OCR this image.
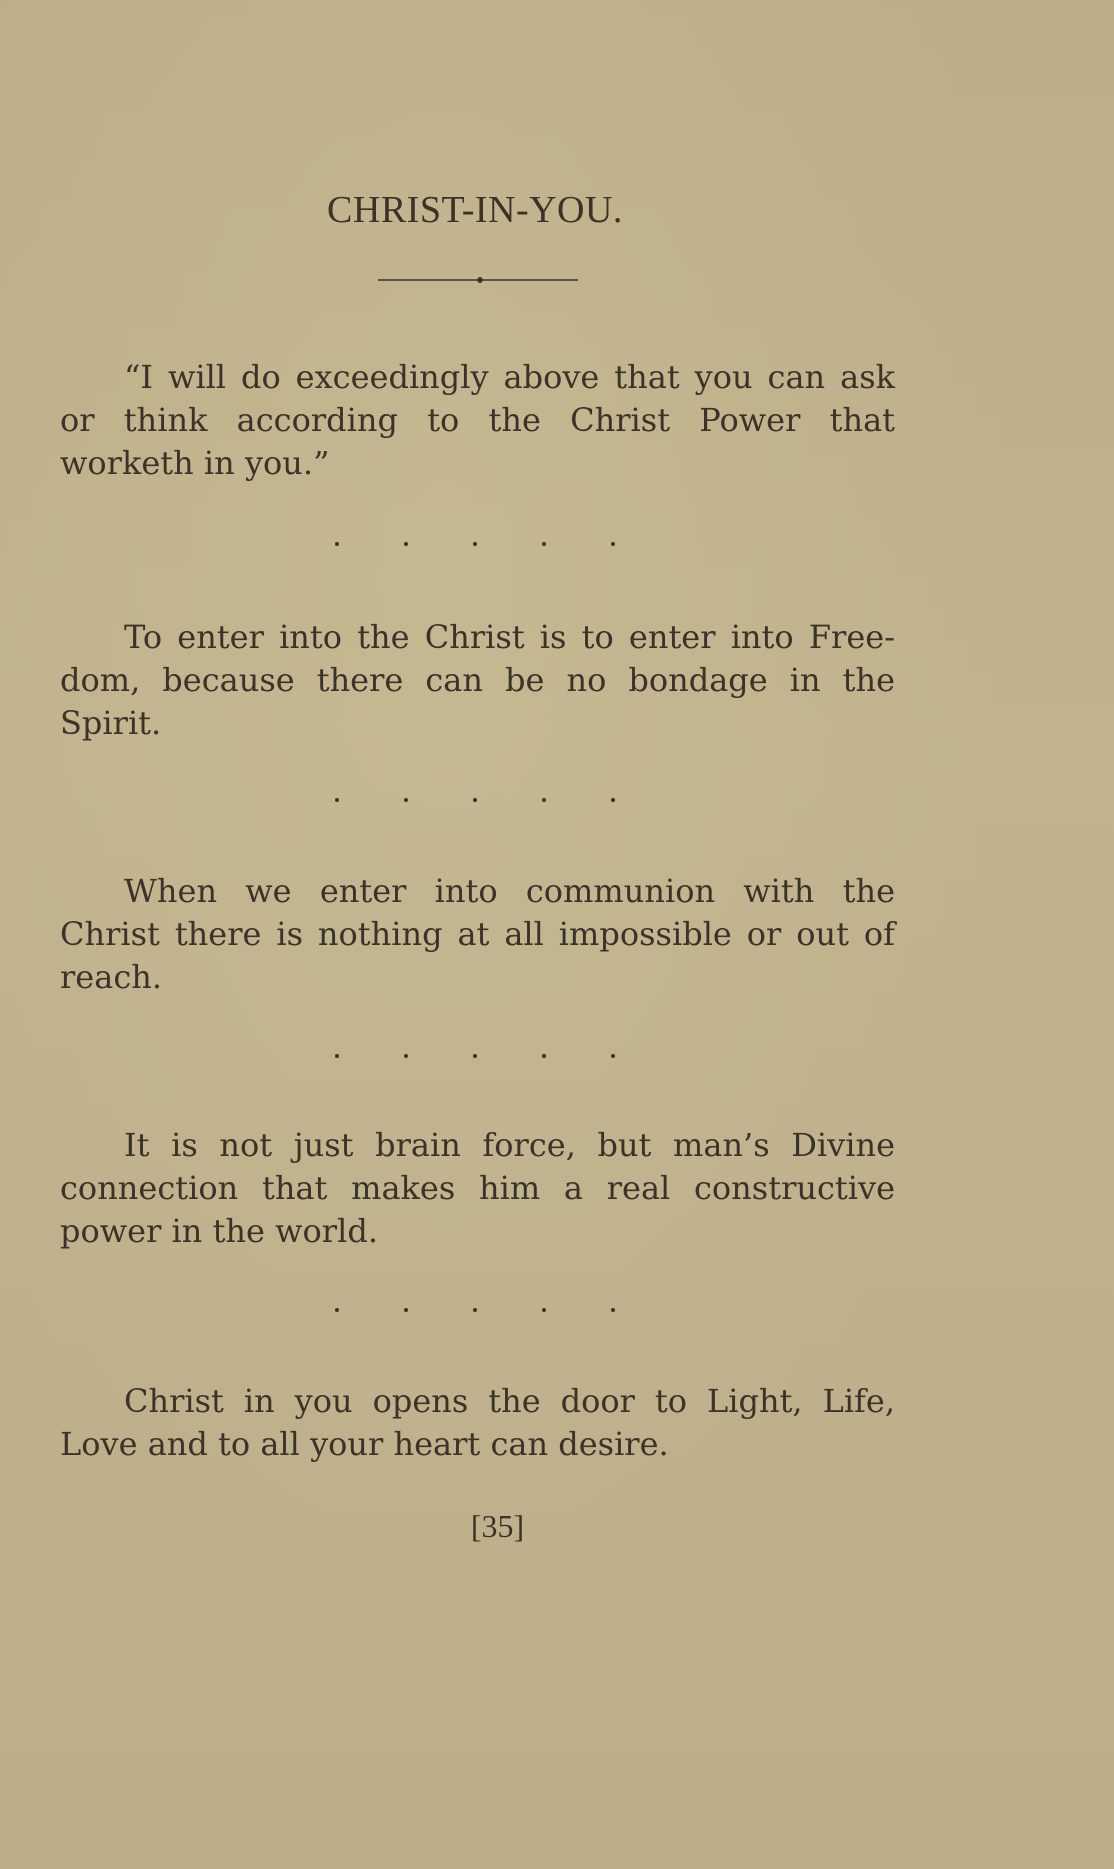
CHRIST-IN-YOU.

“I will do exceedingly above that you can ask or think according to the Christ Power that worketh in you.”

To enter into the Christ is to enter into Free-dom, because there can be no bondage in the Spirit.

When we enter into communion with the Christ there is nothing at all impossible or out of reach.

It is not just brain force, but man’s Divine connection that makes him a real constructive power in the world.

Christ in you opens the door to Light, Life, Love and to all your heart can desire.

[35]
